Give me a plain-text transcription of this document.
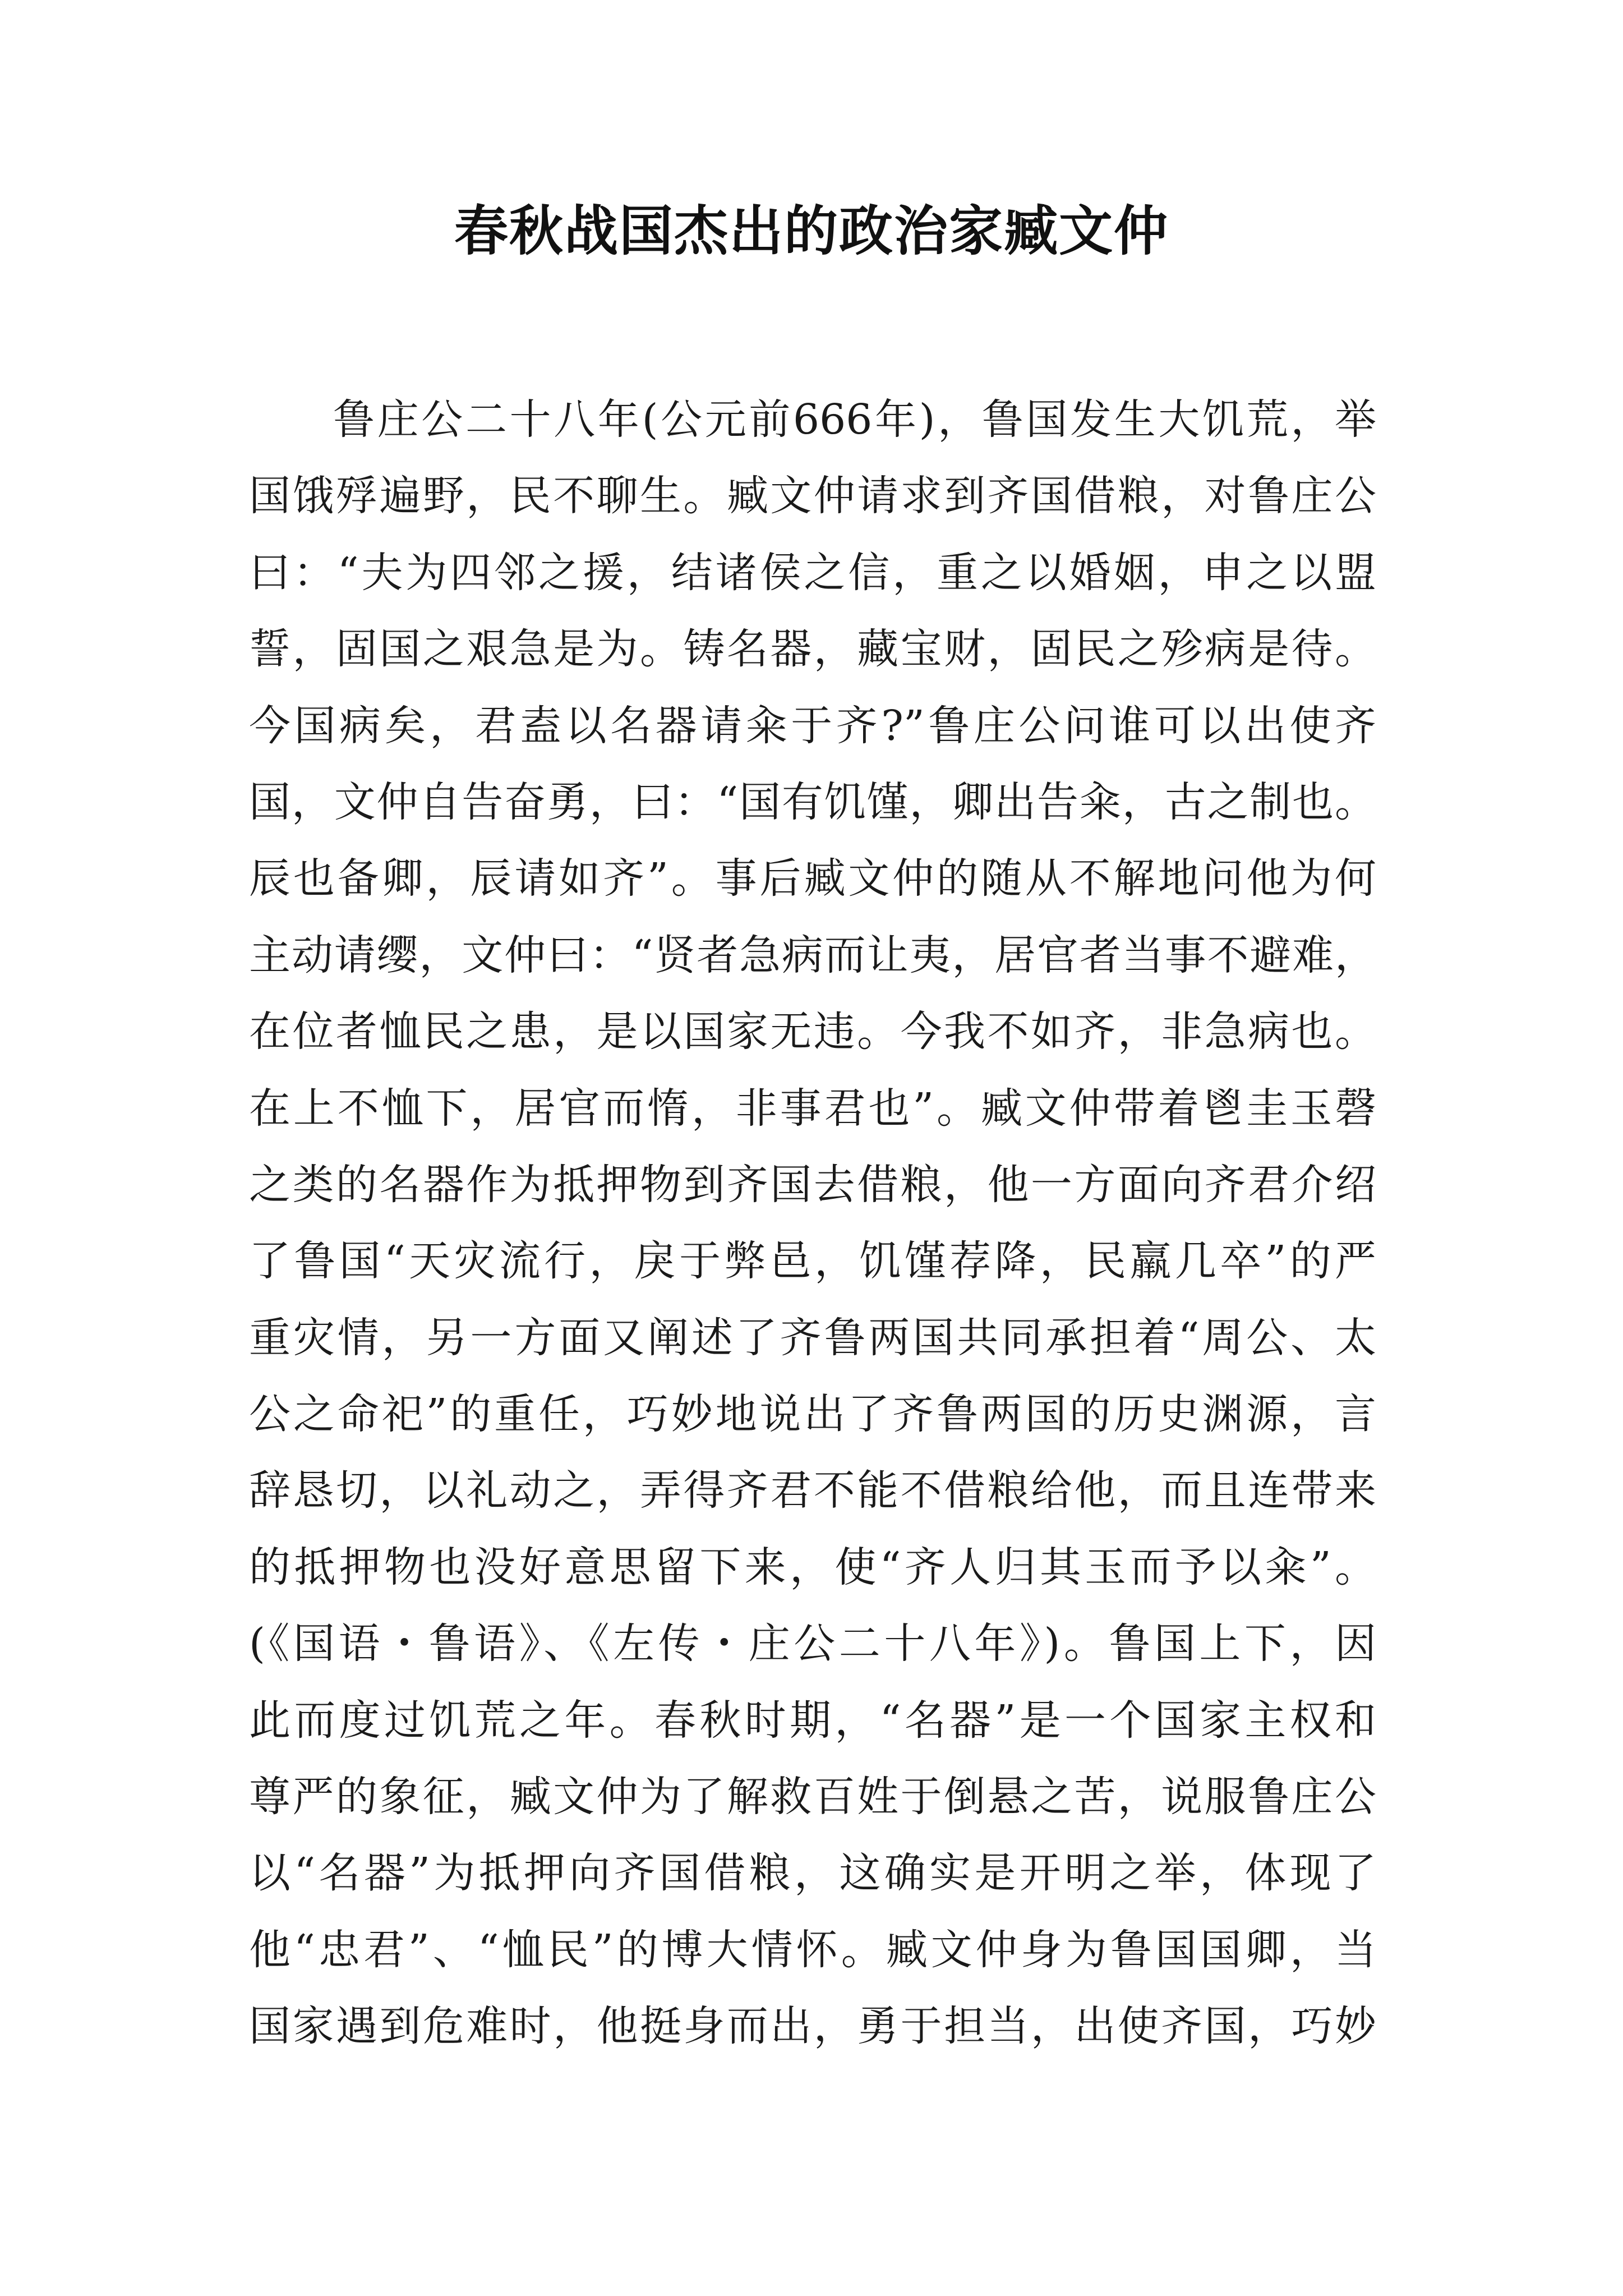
春秋战国杰出的政治家臧文仲
鲁庄公二十八年(公元前666年)，鲁国发生大饥荒，举
国饿殍遍野，民不聊生。臧文仲请求到齐国借粮，对鲁庄公
曰：“夫为四邻之援，结诸侯之信，重之以婚姻，申之以盟
誓，固国之艰急是为。铸名器，藏宝财，固民之殄病是待。
今国病矣，君盍以名器请籴于齐?”鲁庄公问谁可以出使齐
国，文仲自告奋勇，曰：“国有饥馑，卿出告籴，古之制也。
辰也备卿，辰请如齐”。事后臧文仲的随从不解地问他为何
主动请缨，文仲曰：“贤者急病而让夷，居官者当事不避难，
在位者恤民之患，是以国家无违。今我不如齐，非急病也。
在上不恤下，居官而惰，非事君也”。臧文仲带着鬯圭玉磬
之类的名器作为抵押物到齐国去借粮，他一方面向齐君介绍
了鲁国“天灾流行，戾于弊邑，饥馑荐降，民羸几卒”的严
重灾情，另一方面又阐述了齐鲁两国共同承担着“周公、太
公之命祀”的重任，巧妙地说出了齐鲁两国的历史渊源，言
辞恳切，以礼动之，弄得齐君不能不借粮给他，而且连带来
的抵押物也没好意思留下来，使“齐人归其玉而予以籴”。
(《国语・鲁语》、《左传・庄公二十八年》)。鲁国上下，因
此而度过饥荒之年。春秋时期，“名器”是一个国家主权和
尊严的象征，臧文仲为了解救百姓于倒悬之苦，说服鲁庄公
以“名器”为抵押向齐国借粮，这确实是开明之举，体现了
他“忠君”、“恤民”的博大情怀。臧文仲身为鲁国国卿，当
国家遇到危难时，他挺身而出，勇于担当，出使齐国，巧妙
